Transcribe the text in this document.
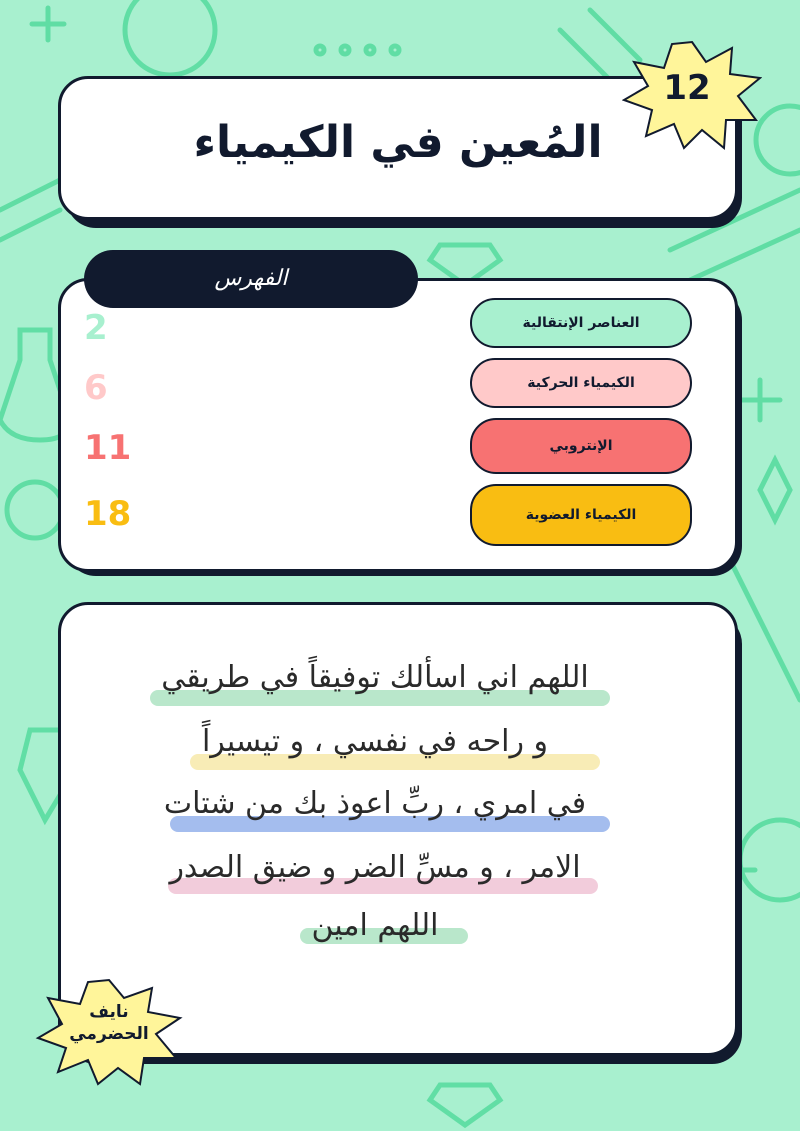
المُعين في الكيمياء
12
الفهرس
العناصر الإنتقالية
الكيمياء الحركية
الإنتروبي
الكيمياء العضوية
2
6
11
18
اللهم اني اسألك توفيقاً في طريقي
و راحه في نفسي ، و تيسيراً
في امري ، ربِّ اعوذ بك من شتات
الامر ، و مسِّ الضر و ضيق الصدر
اللهم امين
نايف
الحضرمي
